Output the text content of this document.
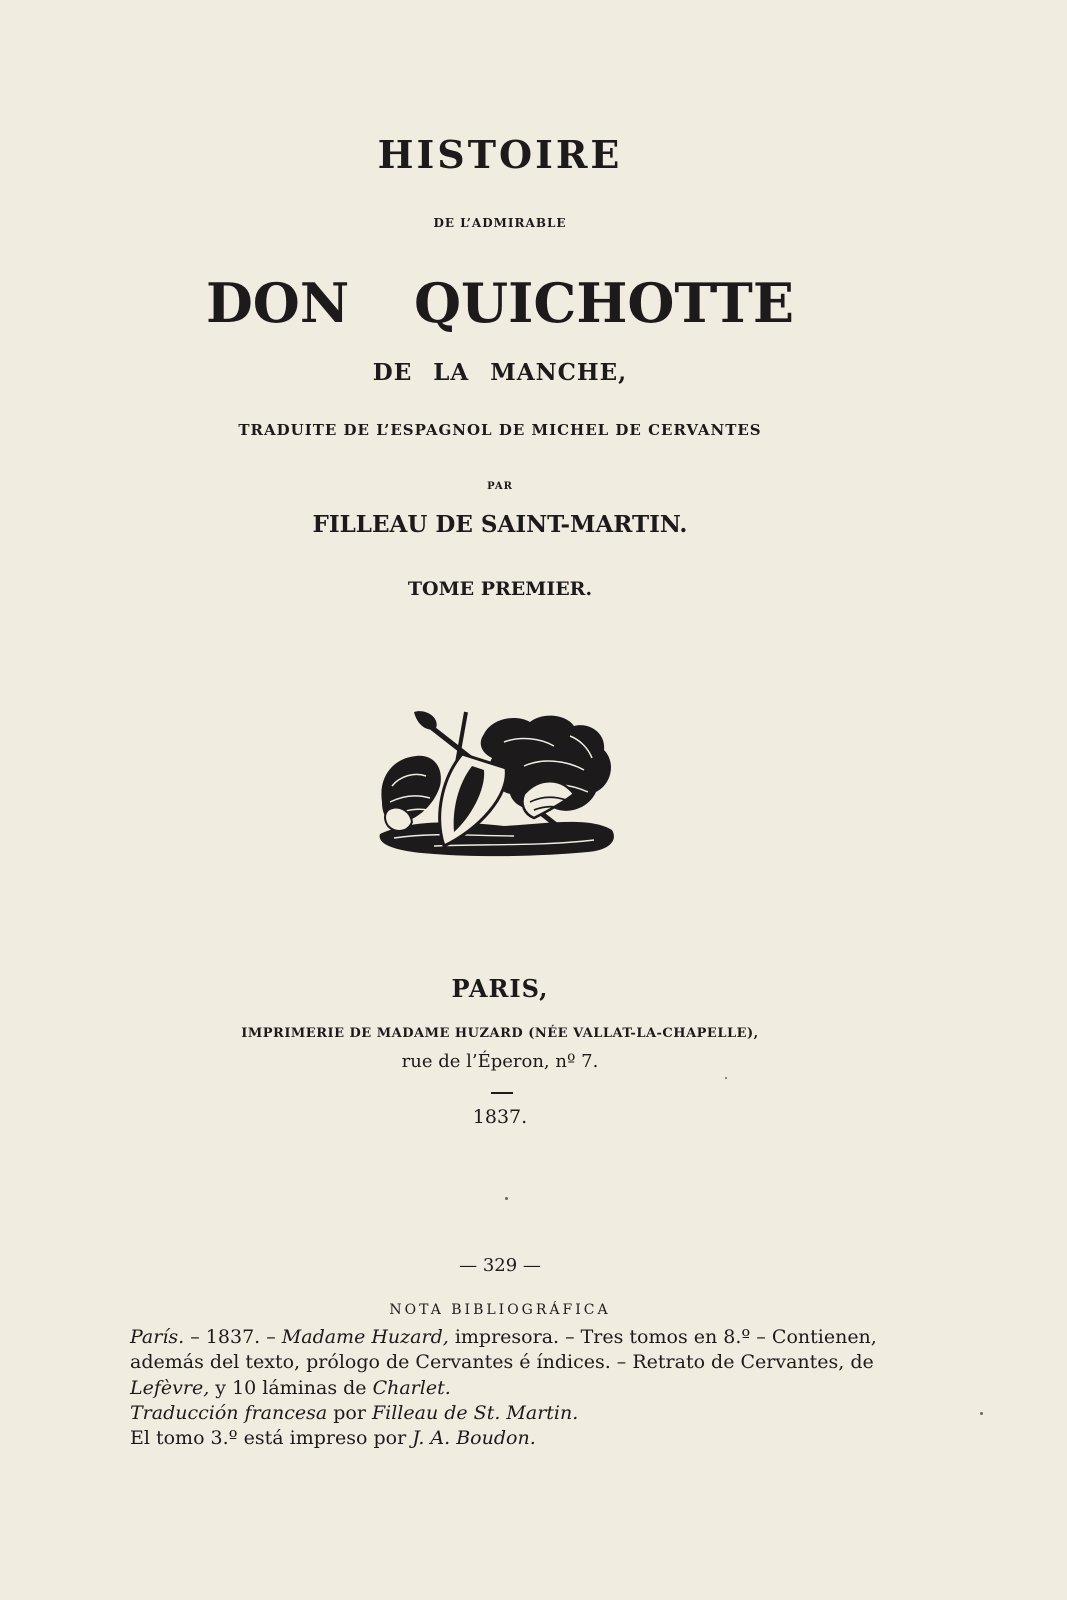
HISTOIRE
DE L’ADMIRABLE
DON QUICHOTTE
DE LA MANCHE,
TRADUITE DE L’ESPAGNOL DE MICHEL DE CERVANTES
PAR
FILLEAU DE SAINT-MARTIN.
TOME PREMIER.
PARIS,
IMPRIMERIE DE MADAME HUZARD (NÉE VALLAT-LA-CHAPELLE),
rue de l’Éperon, nº 7.
1837.
— 329 —
NOTA BIBLIOGRÁFICA
París. – 1837. – Madame Huzard, impresora. – Tres tomos en 8.º – Contienen,
además del texto, prólogo de Cervantes é índices. – Retrato de Cervantes, de
Lefèvre, y 10 láminas de Charlet.
Traducción francesa por Filleau de St. Martin.
El tomo 3.º está impreso por J. A. Boudon.
